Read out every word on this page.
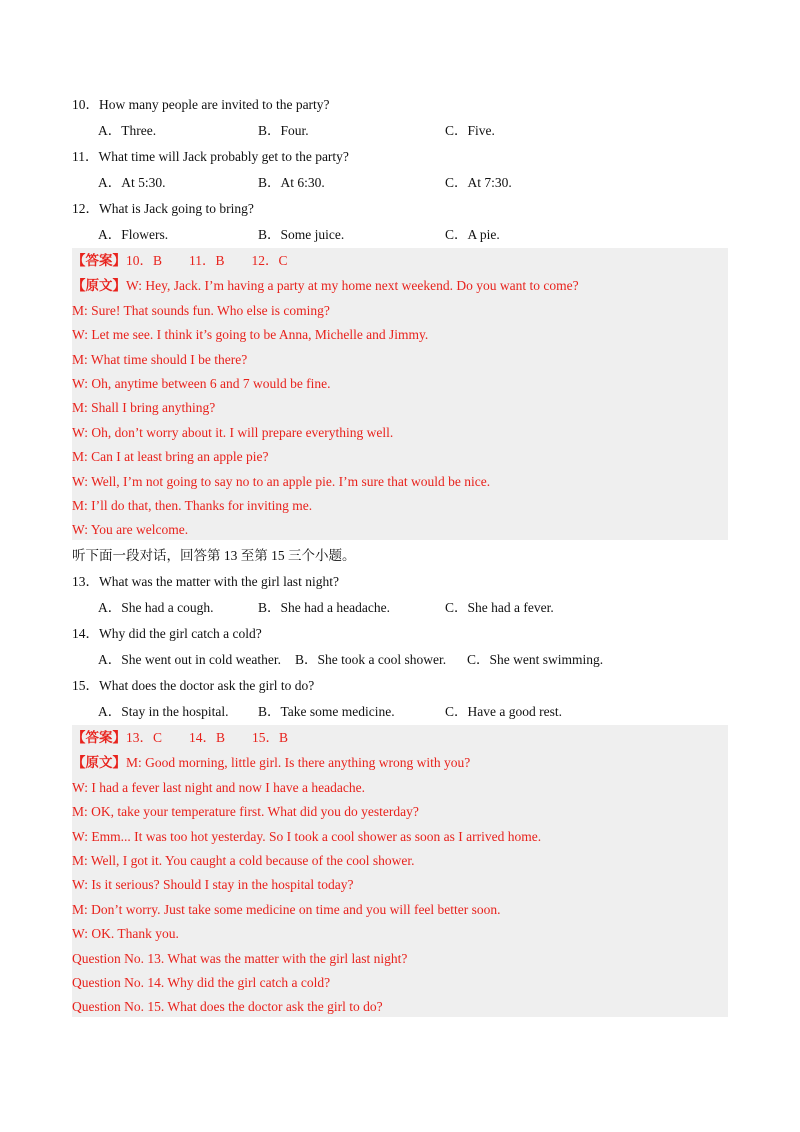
10．How many people are invited to the party?
A．Three.	B．Four.	C．Five.
11．What time will Jack probably get to the party?
A．At 5:30.	B．At 6:30.	C．At 7:30.
12．What is Jack going to bring?
A．Flowers.	B．Some juice.	C．A pie.
【答案】10．B　　11．B　　12．C
【原文】W: Hey, Jack. I’m having a party at my home next weekend. Do you want to come?
M: Sure! That sounds fun. Who else is coming?
W: Let me see. I think it’s going to be Anna, Michelle and Jimmy.
M: What time should I be there?
W: Oh, anytime between 6 and 7 would be fine.
M: Shall I bring anything?
W: Oh, don’t worry about it. I will prepare everything well.
M: Can I at least bring an apple pie?
W: Well, I’m not going to say no to an apple pie. I’m sure that would be nice.
M: I’ll do that, then. Thanks for inviting me.
W: You are welcome.
听下面一段对话，回答第 13 至第 15 三个小题。
13．What was the matter with the girl last night?
A．She had a cough.	B．She had a headache.	C．She had a fever.
14．Why did the girl catch a cold?
A．She went out in cold weather. B．She took a cool shower. C．She went swimming.
15．What does the doctor ask the girl to do?
A．Stay in the hospital. B．Take some medicine.	C．Have a good rest.
【答案】13．C　　14．B　　15．B
【原文】M: Good morning, little girl. Is there anything wrong with you?
W: I had a fever last night and now I have a headache.
M: OK, take your temperature first. What did you do yesterday?
W: Emm... It was too hot yesterday. So I took a cool shower as soon as I arrived home.
M: Well, I got it. You caught a cold because of the cool shower.
W: Is it serious? Should I stay in the hospital today?
M: Don’t worry. Just take some medicine on time and you will feel better soon.
W: OK. Thank you.
Question No. 13. What was the matter with the girl last night?
Question No. 14. Why did the girl catch a cold?
Question No. 15. What does the doctor ask the girl to do?
